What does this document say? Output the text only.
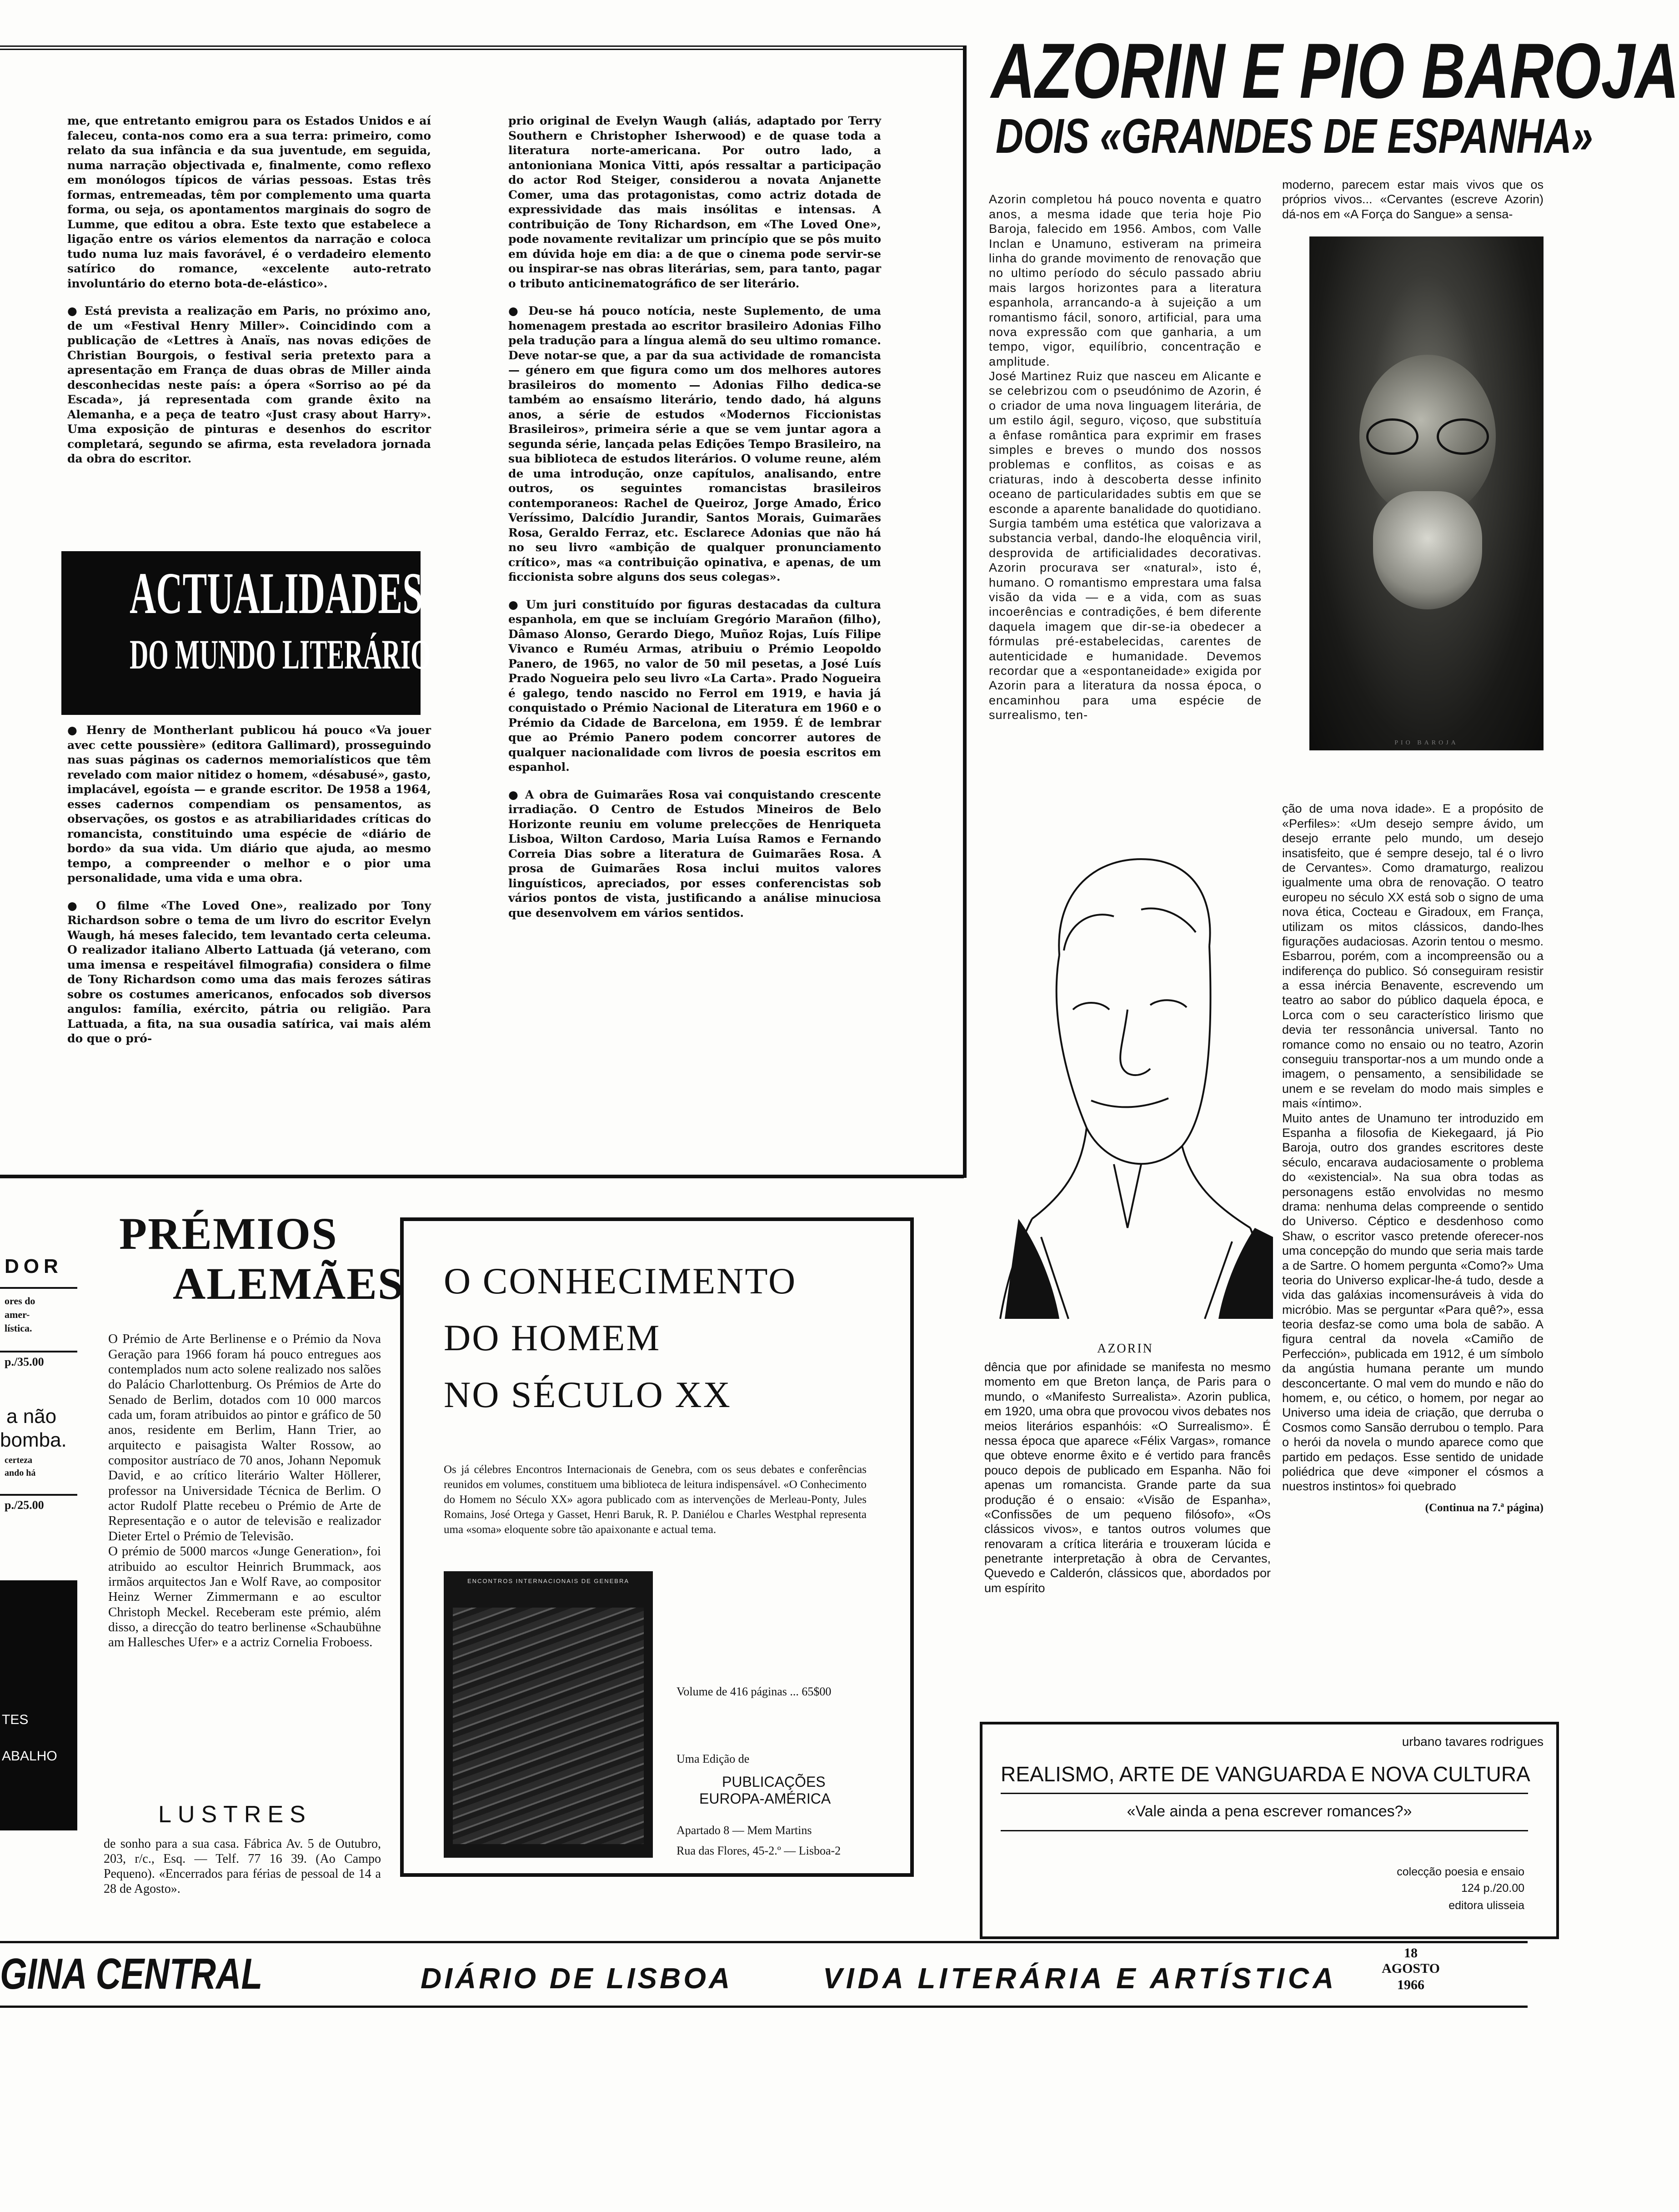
me, que entretanto emigrou para os Estados Unidos e aí faleceu, conta-nos como era a sua terra: primeiro, como relato da sua infância e da sua juventude, em seguida, numa narração objectivada e, finalmente, como reflexo em monólogos típicos de várias pessoas. Estas três formas, entremeadas, têm por complemento uma quarta forma, ou seja, os apontamentos marginais do sogro de Lumme, que editou a obra. Este texto que estabelece a ligação entre os vários elementos da narração e coloca tudo numa luz mais favorável, é o verdadeiro elemento satírico do romance, «excelente auto-retrato involuntário do eterno bota-de-elástico».

● Está prevista a realização em Paris, no próximo ano, de um «Festival Henry Miller». Coincidindo com a publicação de «Lettres à Anaïs, nas novas edições de Christian Bourgois, o festival seria pretexto para a apresentação em França de duas obras de Miller ainda desconhecidas neste país: a ópera «Sorriso ao pé da Escada», já representada com grande êxito na Alemanha, e a peça de teatro «Just crasy about Harry». Uma exposição de pinturas e desenhos do escritor completará, segundo se afirma, esta reveladora jornada da obra do escritor.

ACTUALIDADES
DO MUNDO LITERÁRIO

● Henry de Montherlant publicou há pouco «Va jouer avec cette poussière» (editora Gallimard), prosseguindo nas suas páginas os cadernos memorialísticos que têm revelado com maior nitidez o homem, «désabusé», gasto, implacável, egoísta — e grande escritor. De 1958 a 1964, esses cadernos compendiam os pensamentos, as observações, os gostos e as atrabiliaridades críticas do romancista, constituindo uma espécie de «diário de bordo» da sua vida. Um diário que ajuda, ao mesmo tempo, a compreender o melhor e o pior uma personalidade, uma vida e uma obra.

● O filme «The Loved One», realizado por Tony Richardson sobre o tema de um livro do escritor Evelyn Waugh, há meses falecido, tem levantado certa celeuma. O realizador italiano Alberto Lattuada (já veterano, com uma imensa e respeitável filmografia) considera o filme de Tony Richardson como uma das mais ferozes sátiras sobre os costumes americanos, enfocados sob diversos angulos: família, exército, pátria ou religião. Para Lattuada, a fita, na sua ousadia satírica, vai mais além do que o pró-

prio original de Evelyn Waugh (aliás, adaptado por Terry Southern e Christopher Isherwood) e de quase toda a literatura norte-americana. Por outro lado, a antonioniana Monica Vitti, após ressaltar a participação do actor Rod Steiger, considerou a novata Anjanette Comer, uma das protagonistas, como actriz dotada de expressividade das mais insólitas e intensas. A contribuição de Tony Richardson, em «The Loved One», pode novamente revitalizar um princípio que se pôs muito em dúvida hoje em dia: a de que o cinema pode servir-se ou inspirar-se nas obras literárias, sem, para tanto, pagar o tributo anticinematográfico de ser literário.

● Deu-se há pouco notícia, neste Suplemento, de uma homenagem prestada ao escritor brasileiro Adonias Filho pela tradução para a língua alemã do seu ultimo romance. Deve notar-se que, a par da sua actividade de romancista — género em que figura como um dos melhores autores brasileiros do momento — Adonias Filho dedica-se também ao ensaísmo literário, tendo dado, há alguns anos, a série de estudos «Modernos Ficcionistas Brasileiros», primeira série a que se vem juntar agora a segunda série, lançada pelas Edições Tempo Brasileiro, na sua biblioteca de estudos literários. O volume reune, além de uma introdução, onze capítulos, analisando, entre outros, os seguintes romancistas brasileiros contemporaneos: Rachel de Queiroz, Jorge Amado, Érico Veríssimo, Dalcídio Jurandir, Santos Morais, Guimarães Rosa, Geraldo Ferraz, etc. Esclarece Adonias que não há no seu livro «ambição de qualquer pronunciamento crítico», mas «a contribuição opinativa, e apenas, de um ficcionista sobre alguns dos seus colegas».

● Um juri constituído por figuras destacadas da cultura espanhola, em que se incluíam Gregório Marañon (filho), Dâmaso Alonso, Gerardo Diego, Muñoz Rojas, Luís Filipe Vivanco e Ruméu Armas, atribuiu o Prémio Leopoldo Panero, de 1965, no valor de 50 mil pesetas, a José Luís Prado Nogueira pelo seu livro «La Carta». Prado Nogueira é galego, tendo nascido no Ferrol em 1919, e havia já conquistado o Prémio Nacional de Literatura em 1960 e o Prémio da Cidade de Barcelona, em 1959. É de lembrar que ao Prémio Panero podem concorrer autores de qualquer nacionalidade com livros de poesia escritos em espanhol.

● A obra de Guimarães Rosa vai conquistando crescente irradiação. O Centro de Estudos Mineiros de Belo Horizonte reuniu em volume prelecções de Henriqueta Lisboa, Wilton Cardoso, Maria Luísa Ramos e Fernando Correia Dias sobre a literatura de Guimarães Rosa. A prosa de Guimarães Rosa inclui muitos valores linguísticos, apreciados, por esses conferencistas sob vários pontos de vista, justificando a análise minuciosa que desenvolvem em vários sentidos.

AZORIN E PIO BAROJA
DOIS «GRANDES DE ESPANHA»

Azorin completou há pouco noventa e quatro anos, a mesma idade que teria hoje Pio Baroja, falecido em 1956. Ambos, com Valle Inclan e Unamuno, estiveram na primeira linha do grande movimento de renovação que no ultimo período do século passado abriu mais largos horizontes para a literatura espanhola, arrancando-a à sujeição a um romantismo fácil, sonoro, artificial, para uma nova expressão com que ganharia, a um tempo, vigor, equilíbrio, concentração e amplitude.
José Martinez Ruiz que nasceu em Alicante e se celebrizou com o pseudónimo de Azorin, é o criador de uma nova linguagem literária, de um estilo ágil, seguro, viçoso, que substituía a ênfase romântica para exprimir em frases simples e breves o mundo dos nossos problemas e conflitos, as coisas e as criaturas, indo à descoberta desse infinito oceano de particularidades subtis em que se esconde a aparente banalidade do quotidiano. Surgia também uma estética que valorizava a substancia verbal, dando-lhe eloquência viril, desprovida de artificialidades decorativas. Azorin procurava ser «natural», isto é, humano. O romantismo emprestara uma falsa visão da vida — e a vida, com as suas incoerências e contradições, é bem diferente daquela imagem que dir-se-ia obedecer a fórmulas pré-estabelecidas, carentes de autenticidade e humanidade. Devemos recordar que a «espontaneidade» exigida por Azorin para a literatura da nossa época, o encaminhou para uma espécie de surrealismo, ten-

moderno, parecem estar mais vivos que os próprios vivos... «Cervantes (escreve Azorin) dá-nos em «A Força do Sangue» a sensa-
PIO BAROJA

ção de uma nova idade». E a propósito de «Perfiles»: «Um desejo sempre ávido, um desejo errante pelo mundo, um desejo insatisfeito, que é sempre desejo, tal é o livro de Cervantes». Como dramaturgo, realizou igualmente uma obra de renovação. O teatro europeu no século XX está sob o signo de uma nova ética, Cocteau e Giradoux, em França, utilizam os mitos clássicos, dando-lhes figurações audaciosas. Azorin tentou o mesmo. Esbarrou, porém, com a incompreensão ou a indiferença do publico. Só conseguiram resistir a essa inércia Benavente, escrevendo um teatro ao sabor do público daquela época, e Lorca com o seu característico lirismo que devia ter ressonância universal. Tanto no romance como no ensaio ou no teatro, Azorin conseguiu transportar-nos a um mundo onde a imagem, o pensamento, a sensibilidade se unem e se revelam do modo mais simples e mais «íntimo».
Muito antes de Unamuno ter introduzido em Espanha a filosofia de Kiekegaard, já Pio Baroja, outro dos grandes escritores deste século, encarava audaciosamente o problema do «existencial». Na sua obra todas as personagens estão envolvidas no mesmo drama: nenhuma delas compreende o sentido do Universo. Céptico e desdenhoso como Shaw, o escritor vasco pretende oferecer-nos uma concepção do mundo que seria mais tarde a de Sartre. O homem pergunta «Como?» Uma teoria do Universo explicar-lhe-á tudo, desde a vida das galáxias incomensuráveis à vida do micróbio. Mas se perguntar «Para quê?», essa teoria desfaz-se como uma bola de sabão. A figura central da novela «Camiño de Perfección», publicada em 1912, é um símbolo da angústia humana perante um mundo desconcertante. O mal vem do mundo e não do homem, e, ou cético, o homem, por negar ao Universo uma ideia de criação, que derruba o Cosmos como Sansão derrubou o templo. Para o herói da novela o mundo aparece como que partido em pedaços. Esse sentido de unidade poliédrica que deve «imponer el cósmos a nuestros instintos» foi quebrado

(Continua na 7.ª página)

AZORIN
dência que por afinidade se manifesta no mesmo momento em que Breton lança, de Paris para o mundo, o «Manifesto Surrealista». Azorin publica, em 1920, uma obra que provocou vivos debates nos meios literários espanhóis: «O Surrealismo». É nessa época que aparece «Félix Vargas», romance que obteve enorme êxito e é vertido para francês pouco depois de publicado em Espanha. Não foi apenas um romancista. Grande parte da sua produção é o ensaio: «Visão de Espanha», «Confissões de um pequeno filósofo», «Os clássicos vivos», e tantos outros volumes que renovaram a crítica literária e trouxeram lúcida e penetrante interpretação à obra de Cervantes, Quevedo e Calderón, clássicos que, abordados por um espírito
urbano tavares rodrigues
REALISMO, ARTE DE VANGUARDA E NOVA CULTURA
«Vale ainda a pena escrever romances?»
colecção poesia e ensaio
124 p./20.00
editora ulisseia
DOR
ores do
amer-
lística.
p./35.00
a não
bomba.
certeza
ando há
p./25.00
TES
ABALHO
PRÉMIOS
ALEMÃES

O Prémio de Arte Berlinense e o Prémio da Nova Geração para 1966 foram há pouco entregues aos contemplados num acto solene realizado nos salões do Palácio Charlottenburg. Os Prémios de Arte do Senado de Berlim, dotados com 10 000 marcos cada um, foram atribuidos ao pintor e gráfico de 50 anos, residente em Berlim, Hann Trier, ao arquitecto e paisagista Walter Rossow, ao compositor austríaco de 70 anos, Johann Nepomuk David, e ao crítico literário Walter Höllerer, professor na Universidade Técnica de Berlim. O actor Rudolf Platte recebeu o Prémio de Arte de Representação e o autor de televisão e realizador Dieter Ertel o Prémio de Televisão.
O prémio de 5000 marcos «Junge Generation», foi atribuido ao escultor Heinrich Brummack, aos irmãos arquitectos Jan e Wolf Rave, ao compositor Heinz Werner Zimmermann e ao escultor Christoph Meckel. Receberam este prémio, além disso, a direcção do teatro berlinense «Schaubühne am Hallesches Ufer» e a actriz Cornelia Froboess.

LUSTRES
de sonho para a sua casa. Fábrica Av. 5 de Outubro, 203, r/c., Esq. — Telf. 77 16 39. (Ao Campo Pequeno). «Encerrados para férias de pessoal de 14 a 28 de Agosto».
O CONHECIMENTO
DO HOMEM
NO SÉCULO XX
Os já célebres Encontros Internacionais de Genebra, com os seus debates e conferências reunidos em volumes, constituem uma biblioteca de leitura indispensável. «O Conhecimento do Homem no Século XX» agora publicado com as intervenções de Merleau-Ponty, Jules Romains, José Ortega y Gasset, Henri Baruk, R. P. Daniélou e Charles Westphal representa uma «soma» eloquente sobre tão apaixonante e actual tema.
ENCONTROS INTERNACIONAIS DE GENEBRA
Volume de 416 páginas ... 65$00
Uma Edição de
PUBLICAÇÕES
EUROPA-AMÉRICA
Apartado 8 — Mem Martins
Rua das Flores, 45-2.º — Lisboa-2
GINA CENTRAL	DIÁRIO DE LISBOA	VIDA LITERÁRIA E ARTÍSTICA
18
AGOSTO
1966
